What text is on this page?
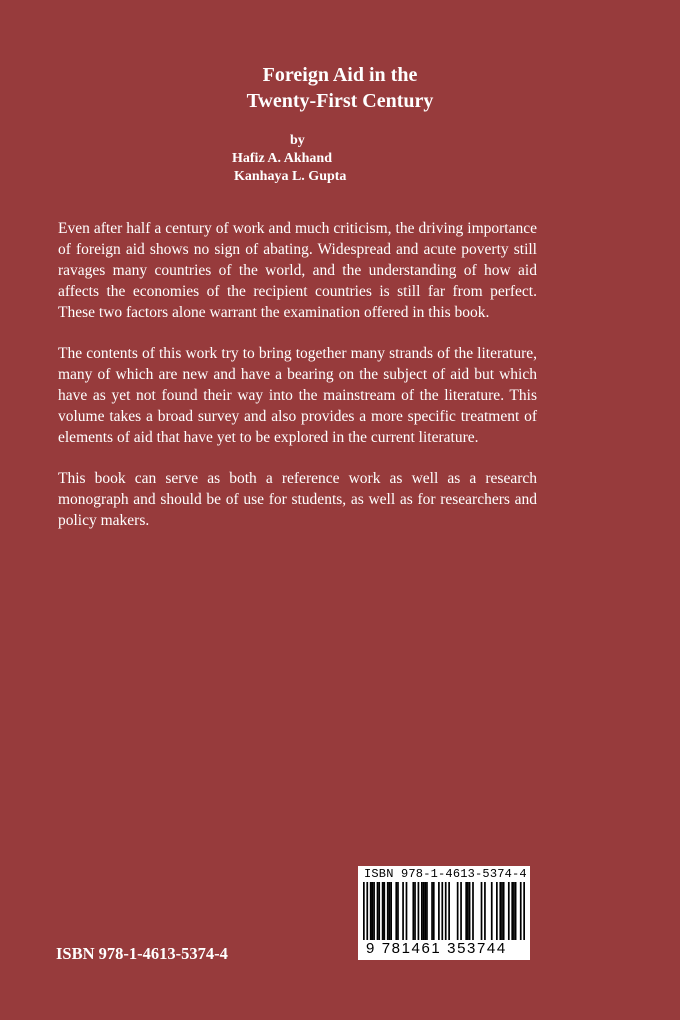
Foreign Aid in the
Twenty-First Century
by
Hafiz A. Akhand
Kanhaya L. Gupta

Even after half a century of work and much criticism, the driving importance of foreign aid shows no sign of abating. Widespread and acute poverty still ravages many countries of the world, and the understanding of how aid affects the economies of the recipient countries is still far from perfect. These two factors alone warrant the examination offered in this book.

The contents of this work try to bring together many strands of the literature, many of which are new and have a bearing on the subject of aid but which have as yet not found their way into the mainstream of the literature. This volume takes a broad survey and also provides a more specific treatment of elements of aid that have yet to be explored in the current literature.

This book can serve as both a reference work as well as a research monograph and should be of use for students, as well as for researchers and policy makers.

ISBN 978-1-4613-5374-4
9 781461 353744
ISBN 978-1-4613-5374-4
